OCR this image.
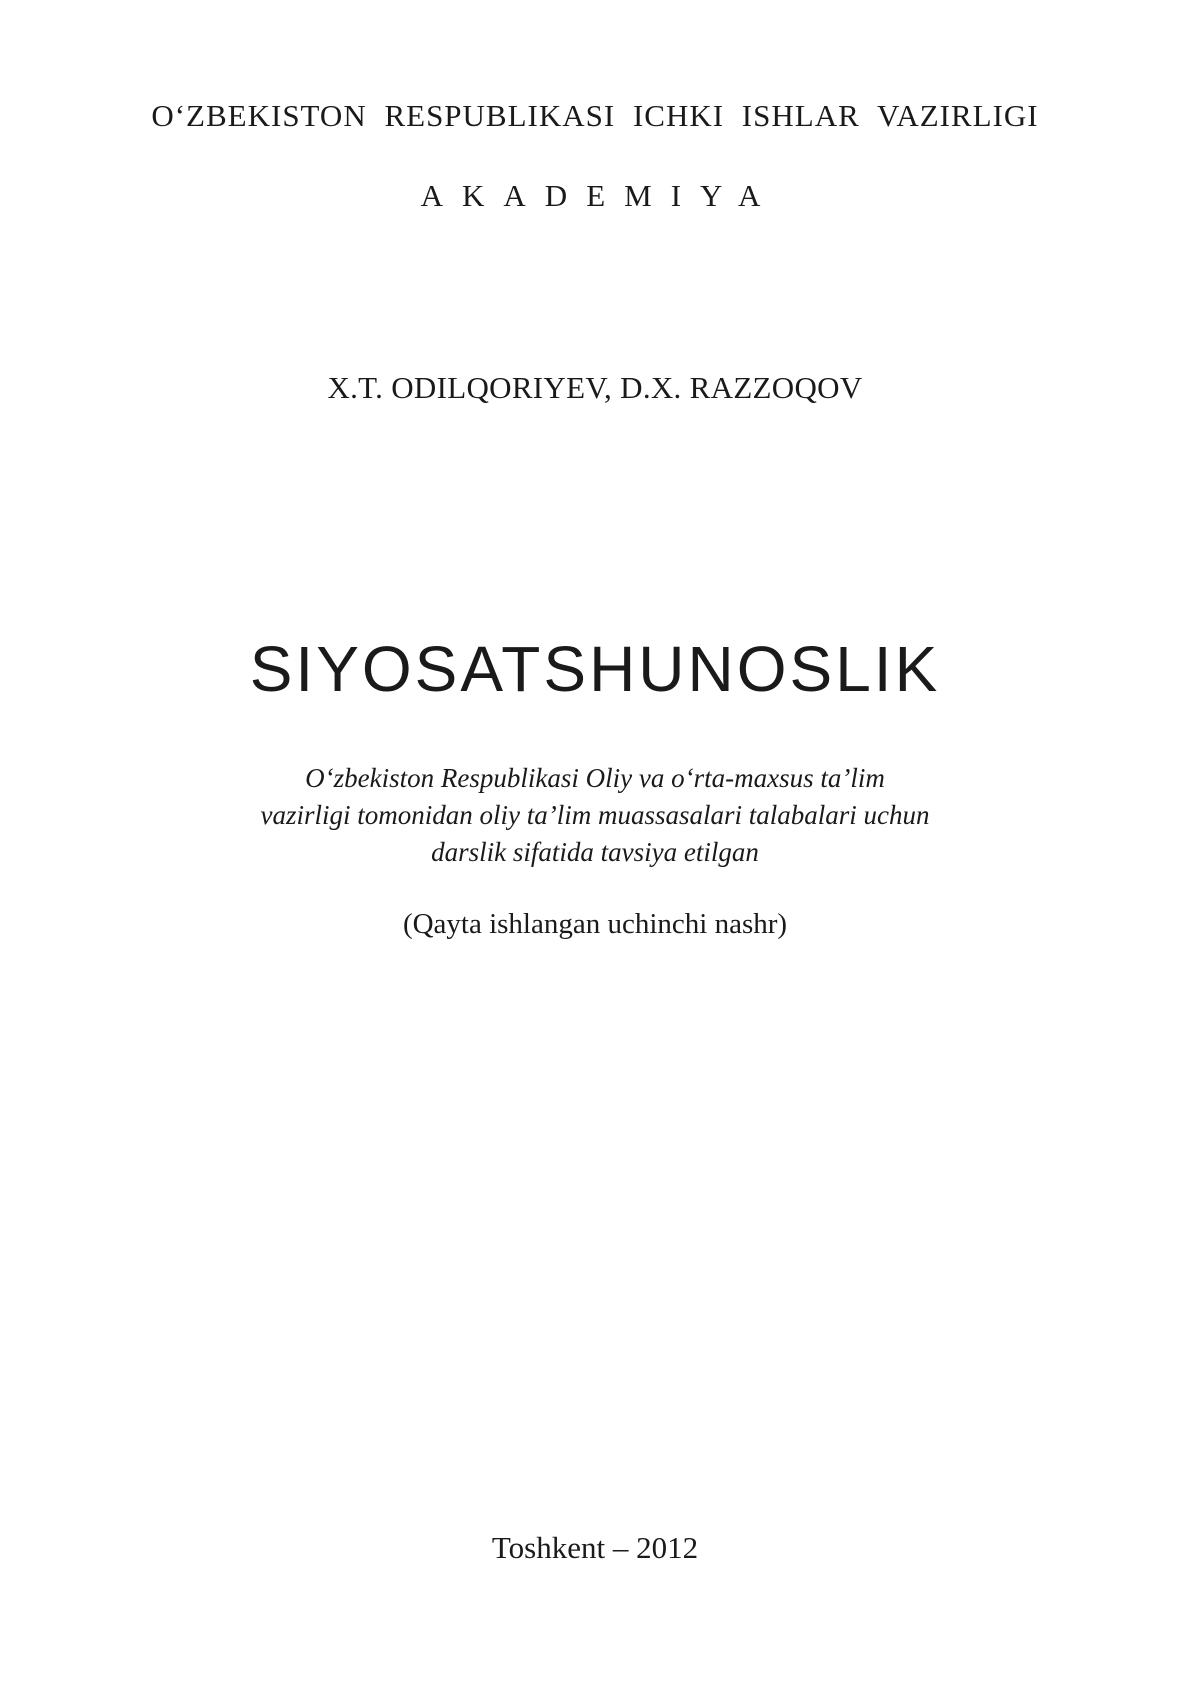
O‘ZBEKISTON RESPUBLIKASI ICHKI ISHLAR VAZIRLIGI

AKADEMIYA

X.T. ODILQORIYEV, D.X. RAZZOQOV

SIYOSATSHUNOSLIK
O‘zbekiston Respublikasi Oliy va o‘rta-maxsus ta’lim
vazirligi tomonidan oliy ta’lim muassasalari talabalari uchun
darslik sifatida tavsiya etilgan

(Qayta ishlangan uchinchi nashr)

Toshkent – 2012
